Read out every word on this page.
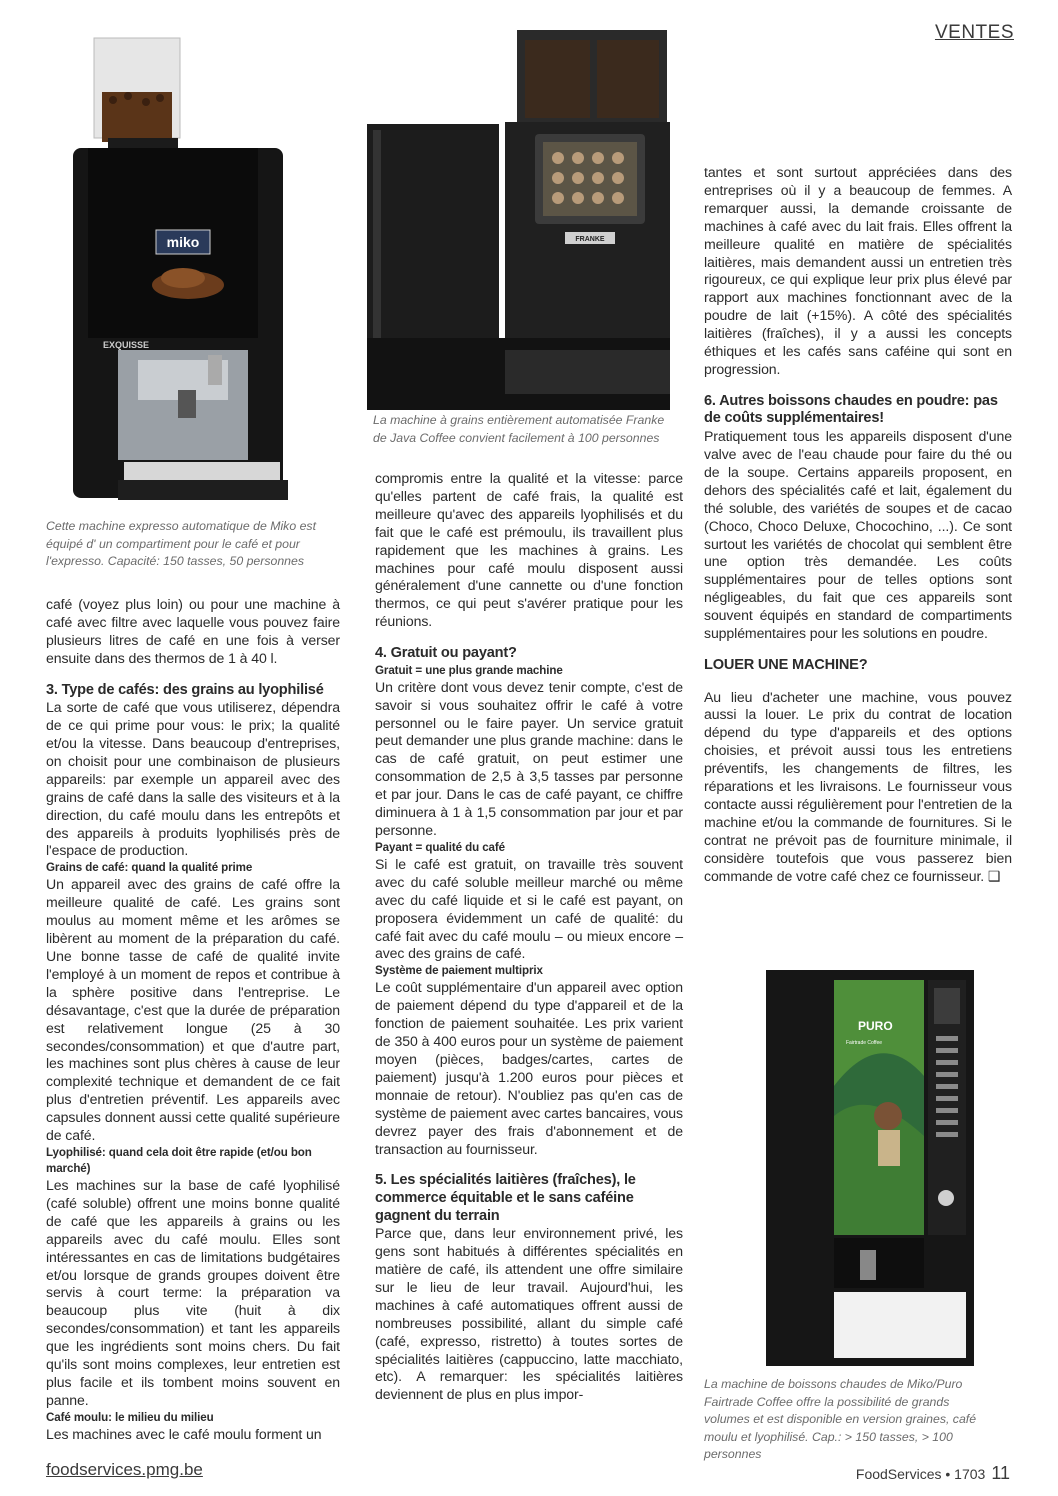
VENTES
miko
EXQUISSE
Cette machine expresso automatique de Miko est équipé d' un compartiment pour le café et pour l'expresso. Capacité: 150 tasses, 50 personnes
FRANKE
La machine à grains entièrement automatisée Franke de Java Coffee convient facilement à 100 personnes

café (voyez plus loin) ou pour une machine à café avec filtre avec laquelle vous pouvez faire plusieurs litres de café en une fois à verser ensuite dans des thermos de 1 à 40 l.

3. Type de cafés: des grains au lyophilisé

La sorte de café que vous utiliserez, dépendra de ce qui prime pour vous: le prix; la qualité et/ou la vitesse. Dans beaucoup d'entreprises, on choisit pour une combinaison de plusieurs appareils: par exemple un appareil avec des grains de café dans la salle des visiteurs et à la direction, du café moulu dans les entrepôts et des appareils à produits lyophilisés près de l'espace de production.

Grains de café: quand la qualité prime

Un appareil avec des grains de café offre la meilleure qualité de café. Les grains sont moulus au moment même et les arômes se libèrent au moment de la préparation du café. Une bonne tasse de café de qualité invite l'employé à un moment de repos et contribue à la sphère positive dans l'entreprise. Le désavantage, c'est que la durée de préparation est relativement longue (25 à 30 secondes/consommation) et que d'autre part, les machines sont plus chères à cause de leur complexité technique et demandent de ce fait plus d'entretien préventif. Les appareils avec capsules donnent aussi cette qualité supérieure de café.

Lyophilisé: quand cela doit être rapide (et/ou bon marché)

Les machines sur la base de café lyophilisé (café soluble) offrent une moins bonne qualité de café que les appareils à grains ou les appareils avec du café moulu. Elles sont intéressantes en cas de limitations budgétaires et/ou lorsque de grands groupes doivent être servis à court terme: la préparation va beaucoup plus vite (huit à dix secondes/consommation) et tant les appareils que les ingrédients sont moins chers. Du fait qu'ils sont moins complexes, leur entretien est plus facile et ils tombent moins souvent en panne.

Café moulu: le milieu du milieu

Les machines avec le café moulu forment un

compromis entre la qualité et la vitesse: parce qu'elles partent de café frais, la qualité est meilleure qu'avec des appareils lyophilisés et du fait que le café est prémoulu, ils travaillent plus rapidement que les machines à grains. Les machines pour café moulu disposent aussi généralement d'une cannette ou d'une fonction thermos, ce qui peut s'avérer pratique pour les réunions.

4. Gratuit ou payant?
Gratuit = une plus grande machine

Un critère dont vous devez tenir compte, c'est de savoir si vous souhaitez offrir le café à votre personnel ou le faire payer. Un service gratuit peut demander une plus grande machine: dans le cas de café gratuit, on peut estimer une consommation de 2,5 à 3,5 tasses par personne et par jour. Dans le cas de café payant, ce chiffre diminuera à 1 à 1,5 consommation par jour et par personne.

Payant = qualité du café

Si le café est gratuit, on travaille très souvent avec du café soluble meilleur marché ou même avec du café liquide et si le café est payant, on proposera évidemment un café de qualité: du café fait avec du café moulu – ou mieux encore – avec des grains de café.

Système de paiement multiprix

Le coût supplémentaire d'un appareil avec option de paiement dépend du type d'appareil et de la fonction de paiement souhaitée. Les prix varient de 350 à 400 euros pour un système de paiement moyen (pièces, badges/cartes, cartes de paiement) jusqu'à 1.200 euros pour pièces et monnaie de retour). N'oubliez pas qu'en cas de système de paiement avec cartes bancaires, vous devrez payer des frais d'abonnement et de transaction au fournisseur.

5. Les spécialités laitières (fraîches), le commerce équitable et le sans caféine gagnent du terrain

Parce que, dans leur environnement privé, les gens sont habitués à différentes spécialités en matière de café, ils attendent une offre similaire sur le lieu de leur travail. Aujourd'hui, les machines à café automatiques offrent aussi de nombreuses possibilité, allant du simple café (café, expresso, ristretto) à toutes sortes de spécialités laitières (cappuccino, latte macchiato, etc). A remarquer: les spécialités laitières deviennent de plus en plus impor-

tantes et sont surtout appréciées dans des entreprises où il y a beaucoup de femmes. A remarquer aussi, la demande croissante de machines à café avec du lait frais. Elles offrent la meilleure qualité en matière de spécialités laitières, mais demandent aussi un entretien très rigoureux, ce qui explique leur prix plus élevé par rapport aux machines fonctionnant avec de la poudre de lait (+15%). A côté des spécialités laitières (fraîches), il y a aussi les concepts éthiques et les cafés sans caféine qui sont en progression.

6. Autres boissons chaudes en poudre: pas de coûts supplémentaires!

Pratiquement tous les appareils disposent d'une valve avec de l'eau chaude pour faire du thé ou de la soupe. Certains appareils proposent, en dehors des spécialités café et lait, également du thé soluble, des variétés de soupes et de cacao (Choco, Choco Deluxe, Chocochino, ...). Ce sont surtout les variétés de chocolat qui semblent être une option très demandée. Les coûts supplémentaires pour de telles options sont négligeables, du fait que ces appareils sont souvent équipés en standard de compartiments supplémentaires pour les solutions en poudre.

LOUER UNE MACHINE?

Au lieu d'acheter une machine, vous pouvez aussi la louer. Le prix du contrat de location dépend du type d'appareils et des options choisies, et prévoit aussi tous les entretiens préventifs, les changements de filtres, les réparations et les livraisons. Le fournisseur vous contacte aussi régulièrement pour l'entretien de la machine et/ou la commande de fournitures. Si le contrat ne prévoit pas de fourniture minimale, il considère toutefois que vous passerez bien commande de votre café chez ce fournisseur. ❑

PURO
Fairtrade Coffee
La machine de boissons chaudes de Miko/Puro Fairtrade Coffee offre la possibilité de grands volumes et est disponible en version graines, café moulu et lyophilisé. Cap.: > 150 tasses, > 100 personnes
foodservices.pmg.be	FoodServices • 1703 11
